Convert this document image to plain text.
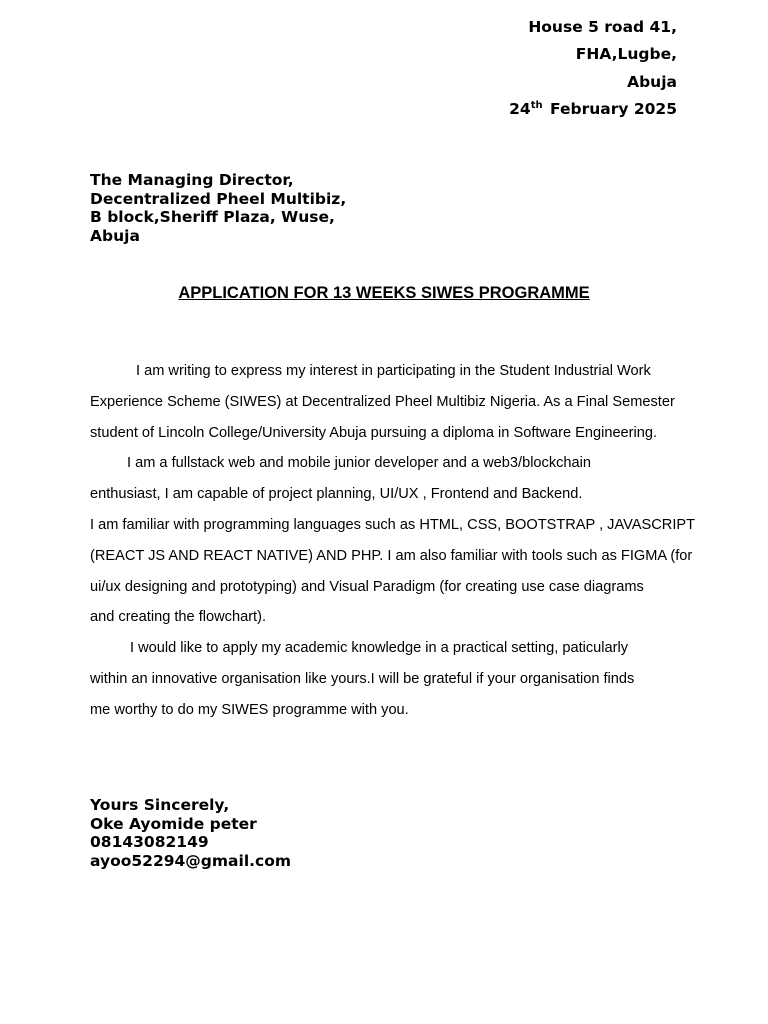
House 5 road 41,
FHA,Lugbe,
Abuja
24th February 2025
The Managing Director,
Decentralized Pheel Multibiz,
B block,Sheriff Plaza, Wuse,
Abuja
APPLICATION FOR 13 WEEKS SIWES PROGRAMME
I am writing to express my interest in participating in the Student Industrial Work
Experience Scheme (SIWES) at Decentralized Pheel Multibiz Nigeria. As a Final Semester
student of Lincoln College/University Abuja pursuing a diploma in Software Engineering.
I am a fullstack web and mobile junior developer and a web3/blockchain
enthusiast, I am capable of project planning, UI/UX , Frontend and Backend.
I am familiar with programming languages such as HTML, CSS, BOOTSTRAP , JAVASCRIPT
(REACT JS AND REACT NATIVE) AND PHP. I am also familiar with tools such as FIGMA (for
ui/ux designing and prototyping) and Visual Paradigm (for creating use case diagrams
and creating the flowchart).
I would like to apply my academic knowledge in a practical setting, paticularly
within an innovative organisation like yours.I will be grateful if your organisation finds
me worthy to do my SIWES programme with you.
Yours Sincerely,
Oke Ayomide peter
08143082149
ayoo52294@gmail.com
